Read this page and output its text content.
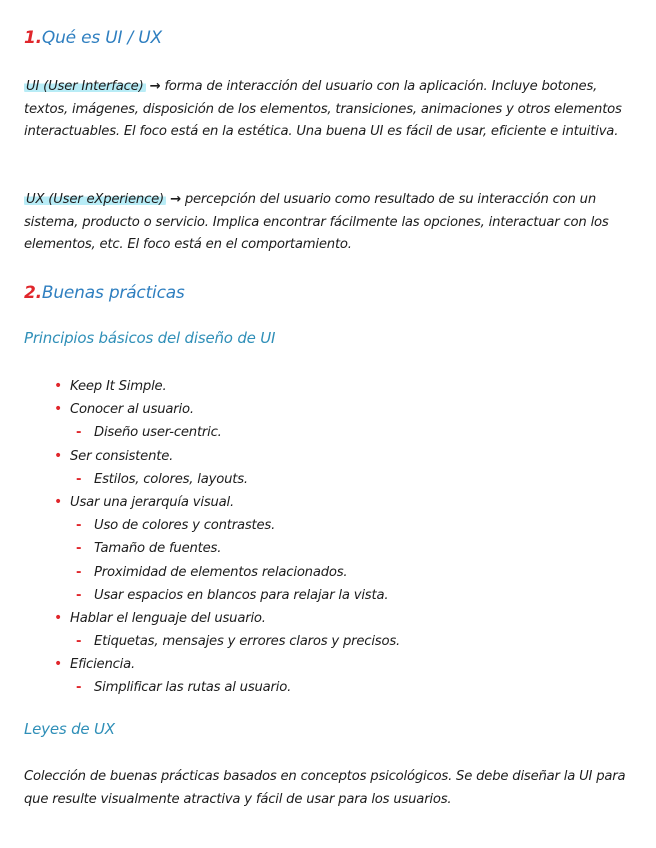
1.Qué es UI / UX
UI (User Interface) → forma de interacción del usuario con la aplicación. Incluye botones, textos, imágenes, disposición de los elementos, transiciones, animaciones y otros elementos interactuables. El foco está en la estética. Una buena UI es fácil de usar, eficiente e intuitiva.
UX (User eXperience) → percepción del usuario como resultado de su interacción con un sistema, producto o servicio. Implica encontrar fácilmente las opciones, interactuar con los elementos, etc. El foco está en el comportamiento.
2.Buenas prácticas
Principios básicos del diseño de UI
• Keep It Simple.
• Conocer al usuario.
- Diseño user-centric.
• Ser consistente.
- Estilos, colores, layouts.
• Usar una jerarquía visual.
- Uso de colores y contrastes.
- Tamaño de fuentes.
- Proximidad de elementos relacionados.
- Usar espacios en blancos para relajar la vista.
• Hablar el lenguaje del usuario.
- Etiquetas, mensajes y errores claros y precisos.
• Eficiencia.
- Simplificar las rutas al usuario.
Leyes de UX
Colección de buenas prácticas basados en conceptos psicológicos. Se debe diseñar la UI para que resulte visualmente atractiva y fácil de usar para los usuarios.
